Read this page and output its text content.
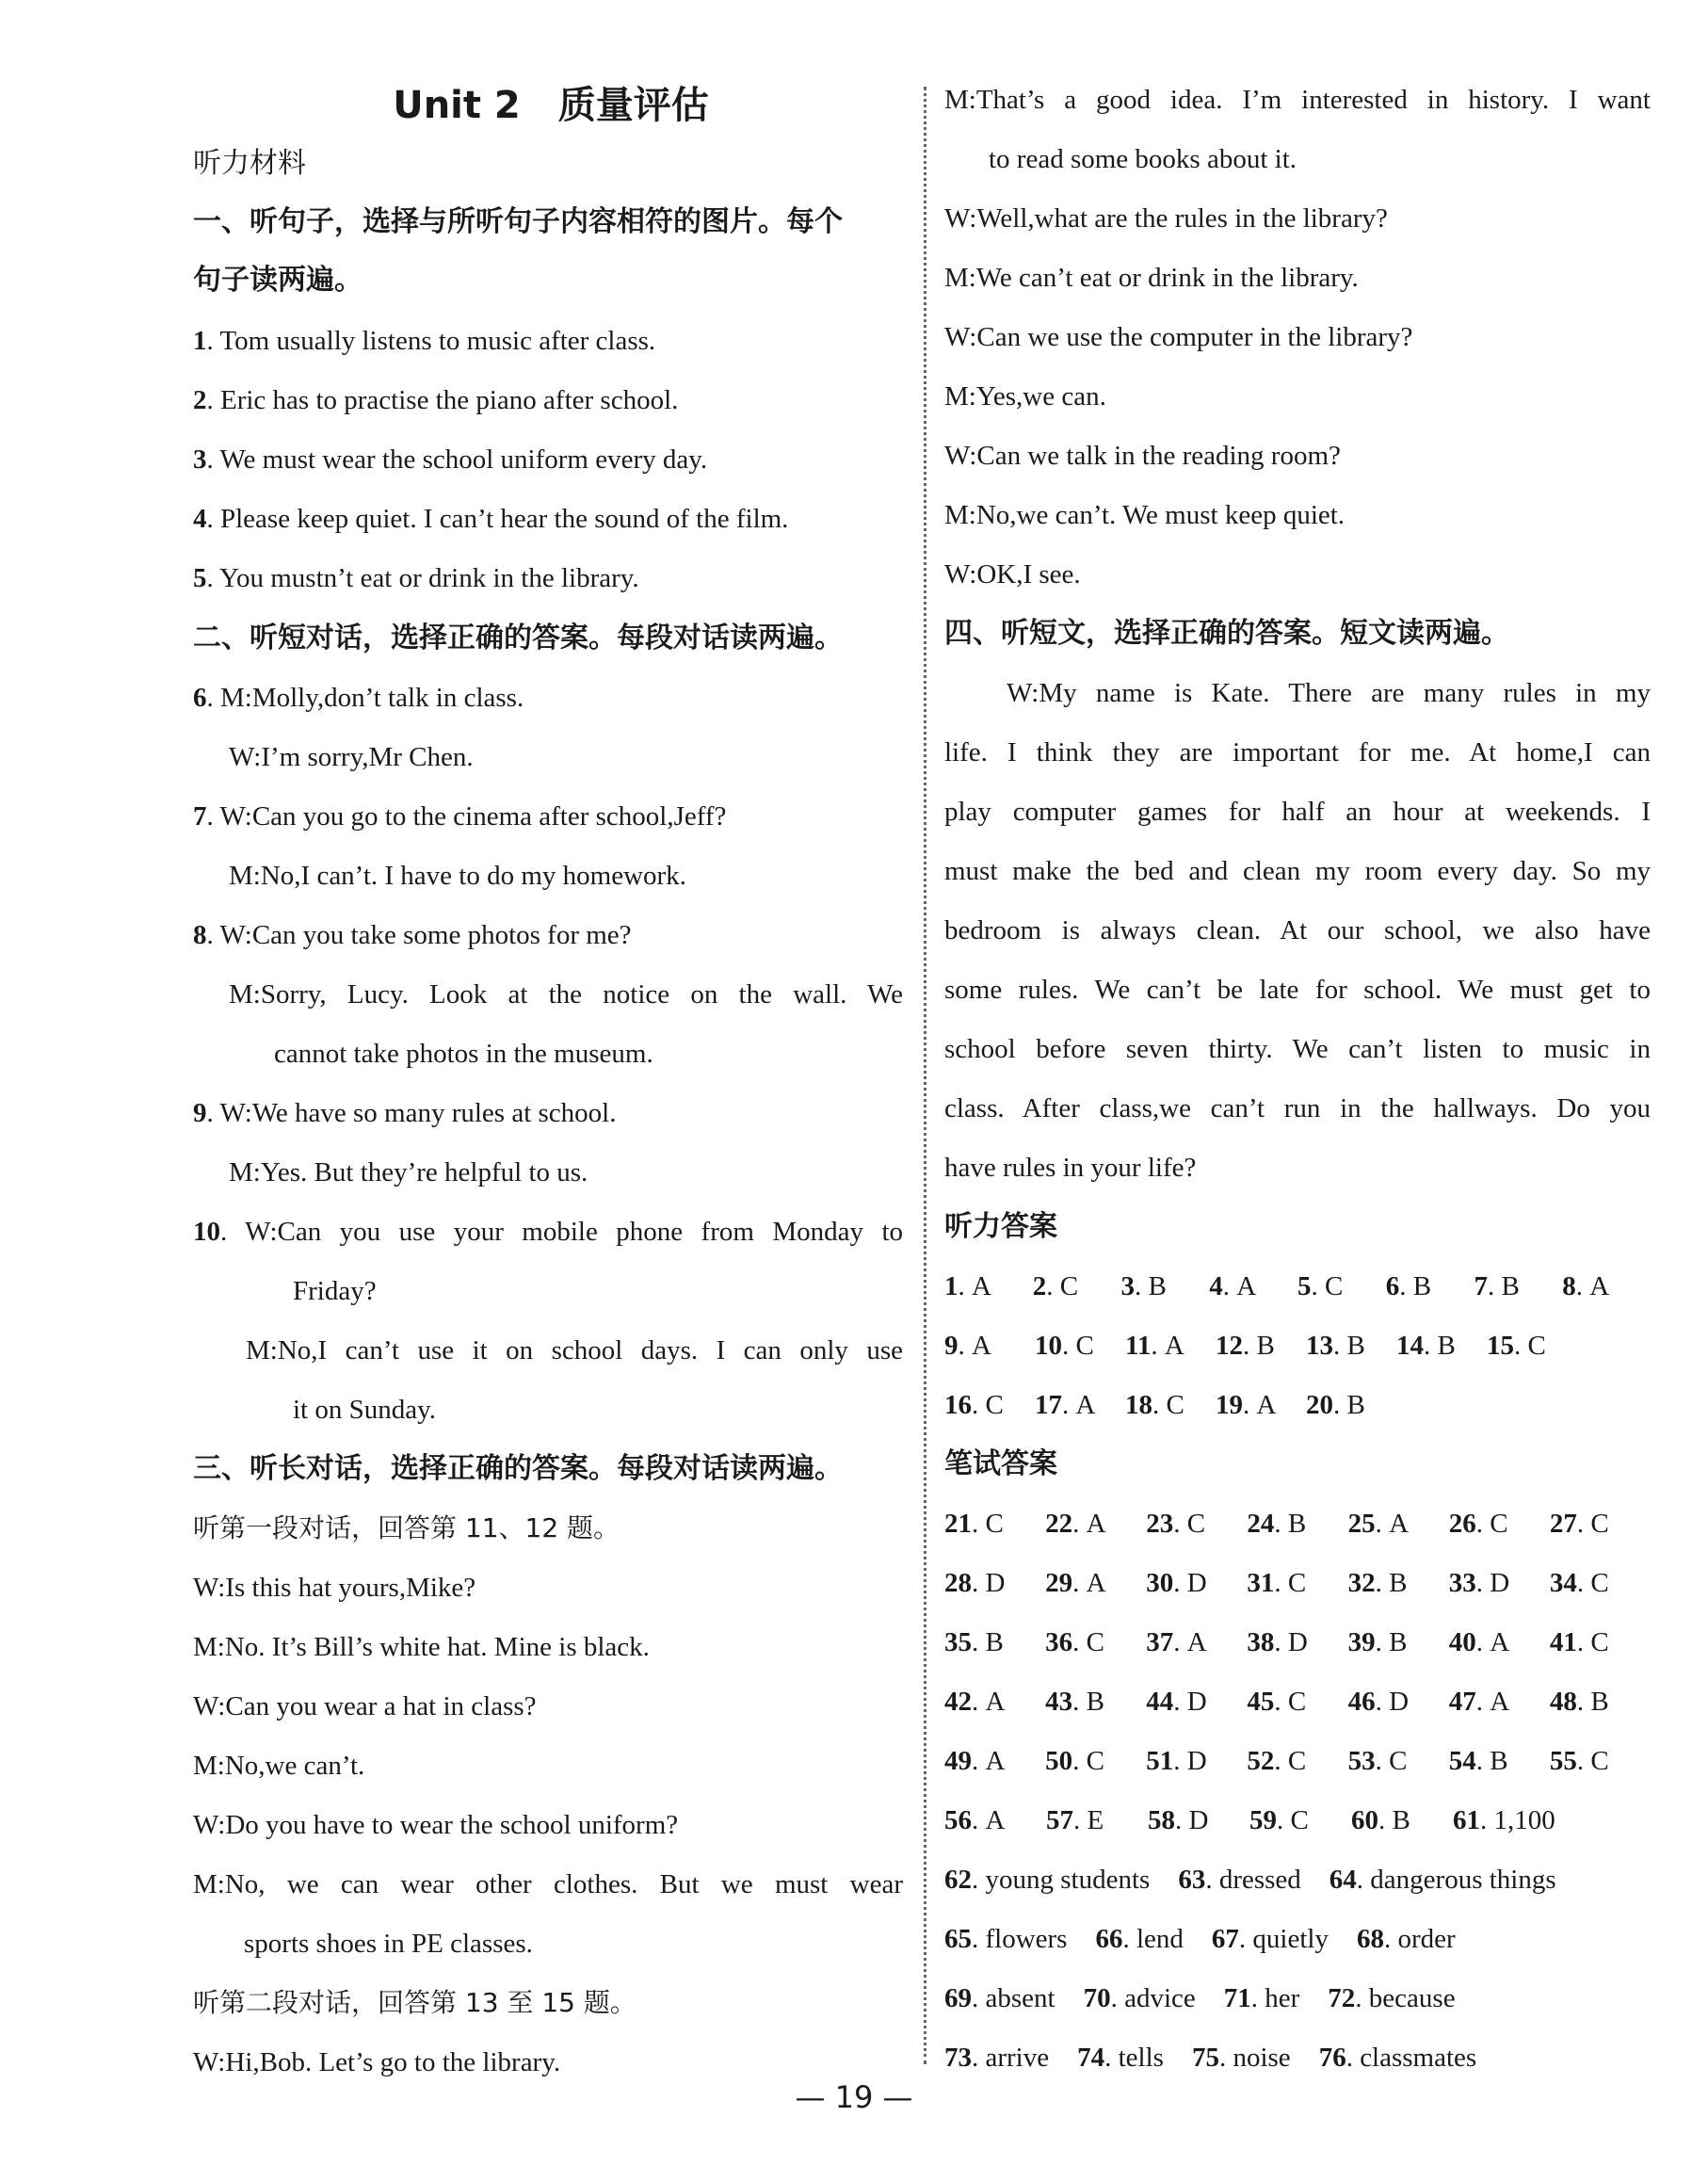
Unit 2　质量评估
听力材料
一、听句子，选择与所听句子内容相符的图片。每个
句子读两遍。
1. Tom usually listens to music after class.
2. Eric has to practise the piano after school.
3. We must wear the school uniform every day.
4. Please keep quiet. I can’t hear the sound of the film.
5. You mustn’t eat or drink in the library.
二、听短对话，选择正确的答案。每段对话读两遍。
6. M:Molly,don’t talk in class.
W:I’m sorry,Mr Chen.
7. W:Can you go to the cinema after school,Jeff?
M:No,I can’t. I have to do my homework.
8. W:Can you take some photos for me?
M:Sorry, Lucy. Look at the notice on the wall. We
cannot take photos in the museum.
9. W:We have so many rules at school.
M:Yes. But they’re helpful to us.
10. W:Can you use your mobile phone from Monday to
Friday?
M:No,I can’t use it on school days. I can only use
it on Sunday.
三、听长对话，选择正确的答案。每段对话读两遍。
听第一段对话，回答第 11、12 题。
W:Is this hat yours,Mike?
M:No. It’s Bill’s white hat. Mine is black.
W:Can you wear a hat in class?
M:No,we can’t.
W:Do you have to wear the school uniform?
M:No, we can wear other clothes. But we must wear
sports shoes in PE classes.
听第二段对话，回答第 13 至 15 题。
W:Hi,Bob. Let’s go to the library.
M:That’s a good idea. I’m interested in history. I want
to read some books about it.
W:Well,what are the rules in the library?
M:We can’t eat or drink in the library.
W:Can we use the computer in the library?
M:Yes,we can.
W:Can we talk in the reading room?
M:No,we can’t. We must keep quiet.
W:OK,I see.
四、听短文，选择正确的答案。短文读两遍。
W:My name is Kate. There are many rules in my
life. I think they are important for me. At home,I can
play computer games for half an hour at weekends. I
must make the bed and clean my room every day. So my
bedroom is always clean. At our school, we also have
some rules. We can’t be late for school. We must get to
school before seven thirty. We can’t listen to music in
class. After class,we can’t run in the hallways. Do you
have rules in your life?
听力答案
1. A	2. C	3. B	4. A	5. C	6. B	7. B	8. A
9. A	10. C	11. A	12. B	13. B	14. B	15. C
16. C	17. A	18. C	19. A	20. B
笔试答案
21. C	22. A	23. C	24. B	25. A	26. C	27. C
28. D	29. A	30. D	31. C	32. B	33. D	34. C
35. B	36. C	37. A	38. D	39. B	40. A	41. C
42. A	43. B	44. D	45. C	46. D	47. A	48. B
49. A	50. C	51. D	52. C	53. C	54. B	55. C
56. A	57. E	58. D	59. C	60. B	61. 1,100
62. young students 63. dressed 64. dangerous things
65. flowers 66. lend 67. quietly 68. order
69. absent 70. advice 71. her 72. because
73. arrive 74. tells 75. noise 76. classmates
— 19 —
